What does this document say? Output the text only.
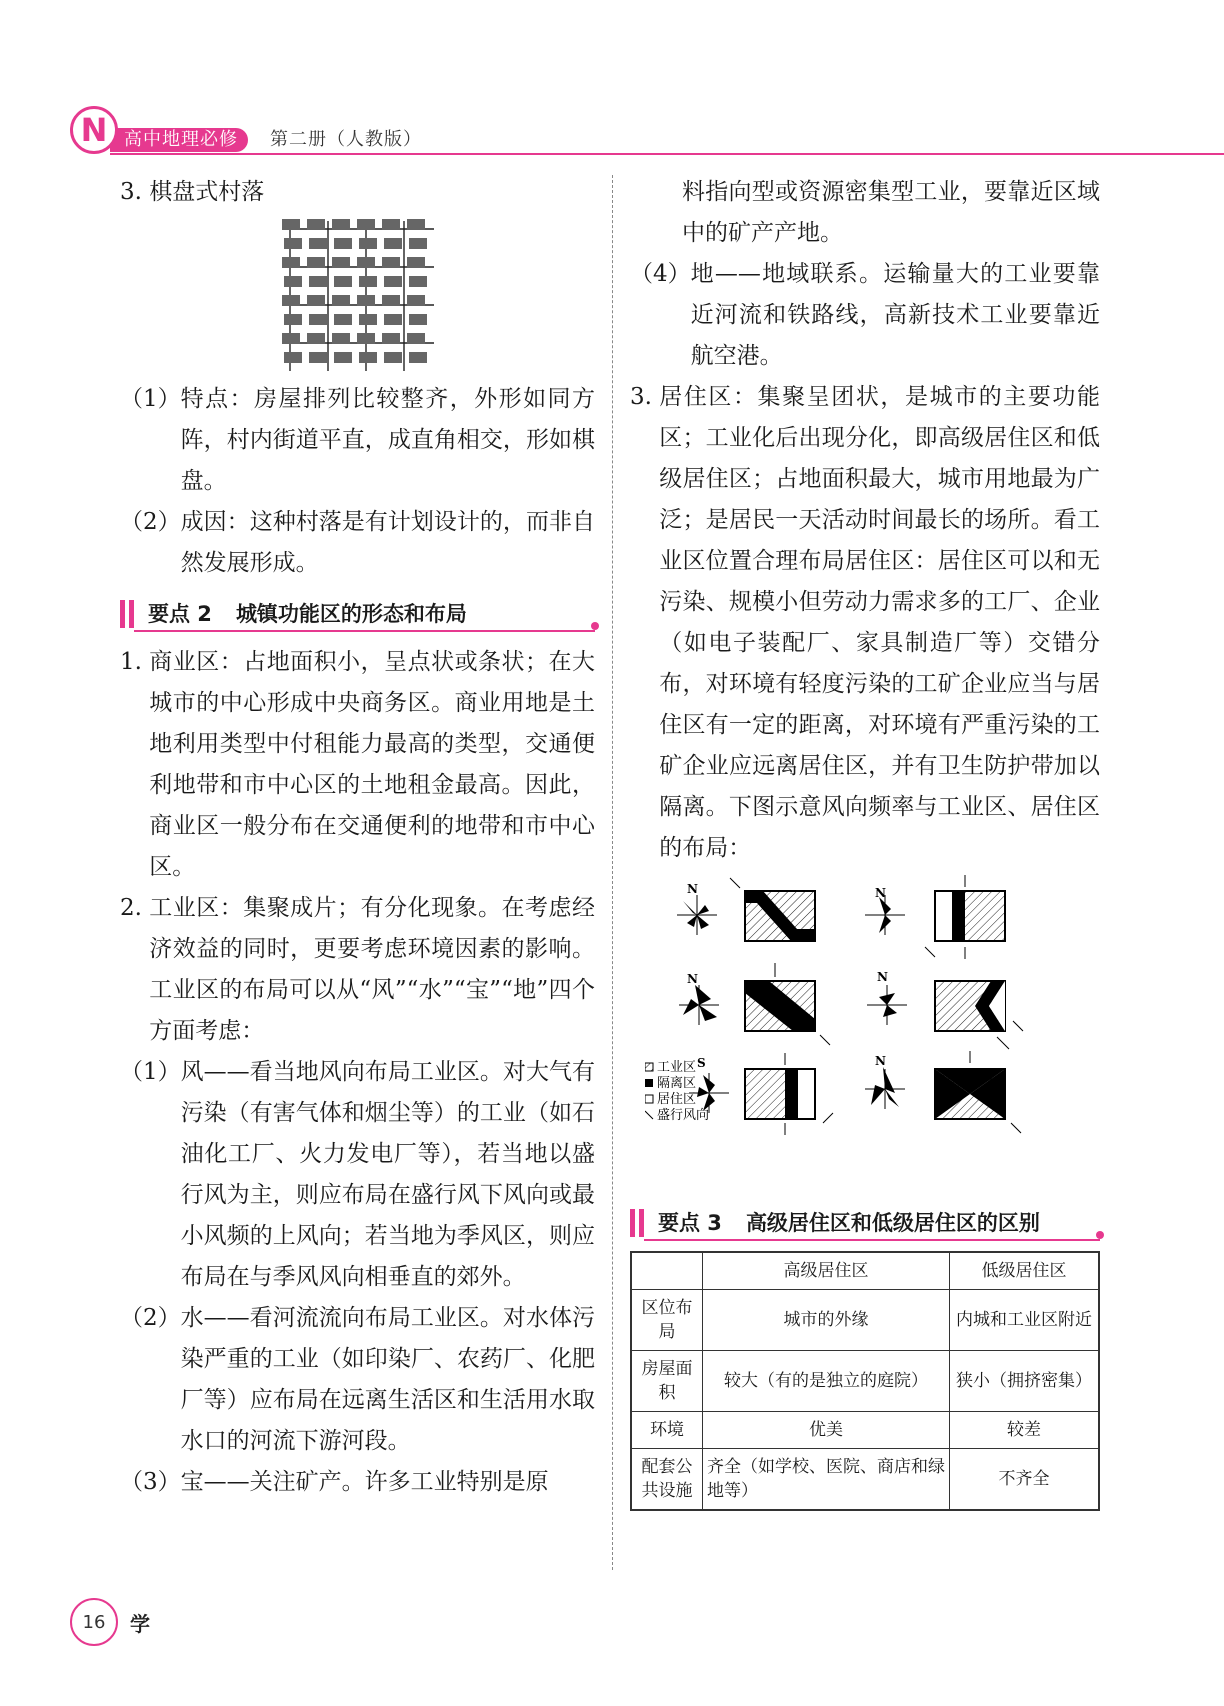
N 高中地理必修	第二册（人教版）

3. 棋盘式村落

（1） 特点：房屋排列比较整齐，外形如同方阵，村内街道平直，成直角相交，形如棋盘。
（2） 成因：这种村落是有计划设计的，而非自然发展形成。
要点 2 城镇功能区的形态和布局
1. 商业区：占地面积小，呈点状或条状；在大城市的中心形成中央商务区。商业用地是土地利用类型中付租能力最高的类型，交通便利地带和市中心区的土地租金最高。因此，商业区一般分布在交通便利的地带和市中心区。
2. 工业区：集聚成片；有分化现象。在考虑经济效益的同时，更要考虑环境因素的影响。工业区的布局可以从“风”“水”“宝”“地”四个方面考虑：
（1） 风——看当地风向布局工业区。对大气有污染（有害气体和烟尘等）的工业（如石油化工厂、火力发电厂等），若当地以盛行风为主，则应布局在盛行风下风向或最小风频的上风向；若当地为季风区，则应布局在与季风风向相垂直的郊外。
（2） 水——看河流流向布局工业区。对水体污染严重的工业（如印染厂、农药厂、化肥厂等）应布局在远离生活区和生活用水取水口的河流下游河段。
（3） 宝——关注矿产。许多工业特别是原

料指向型或资源密集型工业，要靠近区域中的矿产产地。

（4） 地——地域联系。运输量大的工业要靠近河流和铁路线，高新技术工业要靠近航空港。
3. 居住区：集聚呈团状，是城市的主要功能区；工业化后出现分化，即高级居住区和低级居住区；占地面积最大，城市用地最为广泛；是居民一天活动时间最长的场所。看工业区位置合理布局居住区：居住区可以和无污染、规模小但劳动力需求多的工厂、企业（如电子装配厂、家具制造厂等）交错分布，对环境有轻度污染的工矿企业应当与居住区有一定的距离，对环境有严重污染的工矿企业应远离居住区，并有卫生防护带加以隔离。下图示意风向频率与工业区、居住区的布局：
N	N
N	N
工业区
隔离区
居住区
盛行风向
S	N
要点 3 高级居住区和低级居住区的区别
	高级居住区	低级居住区
区位布局	城市的外缘	内城和工业区附近
房屋面积	较大（有的是独立的庭院）	狭小（拥挤密集）
环境	优美	较差
配套公共设施	齐全（如学校、医院、商店和绿地等）	不齐全
16	学
